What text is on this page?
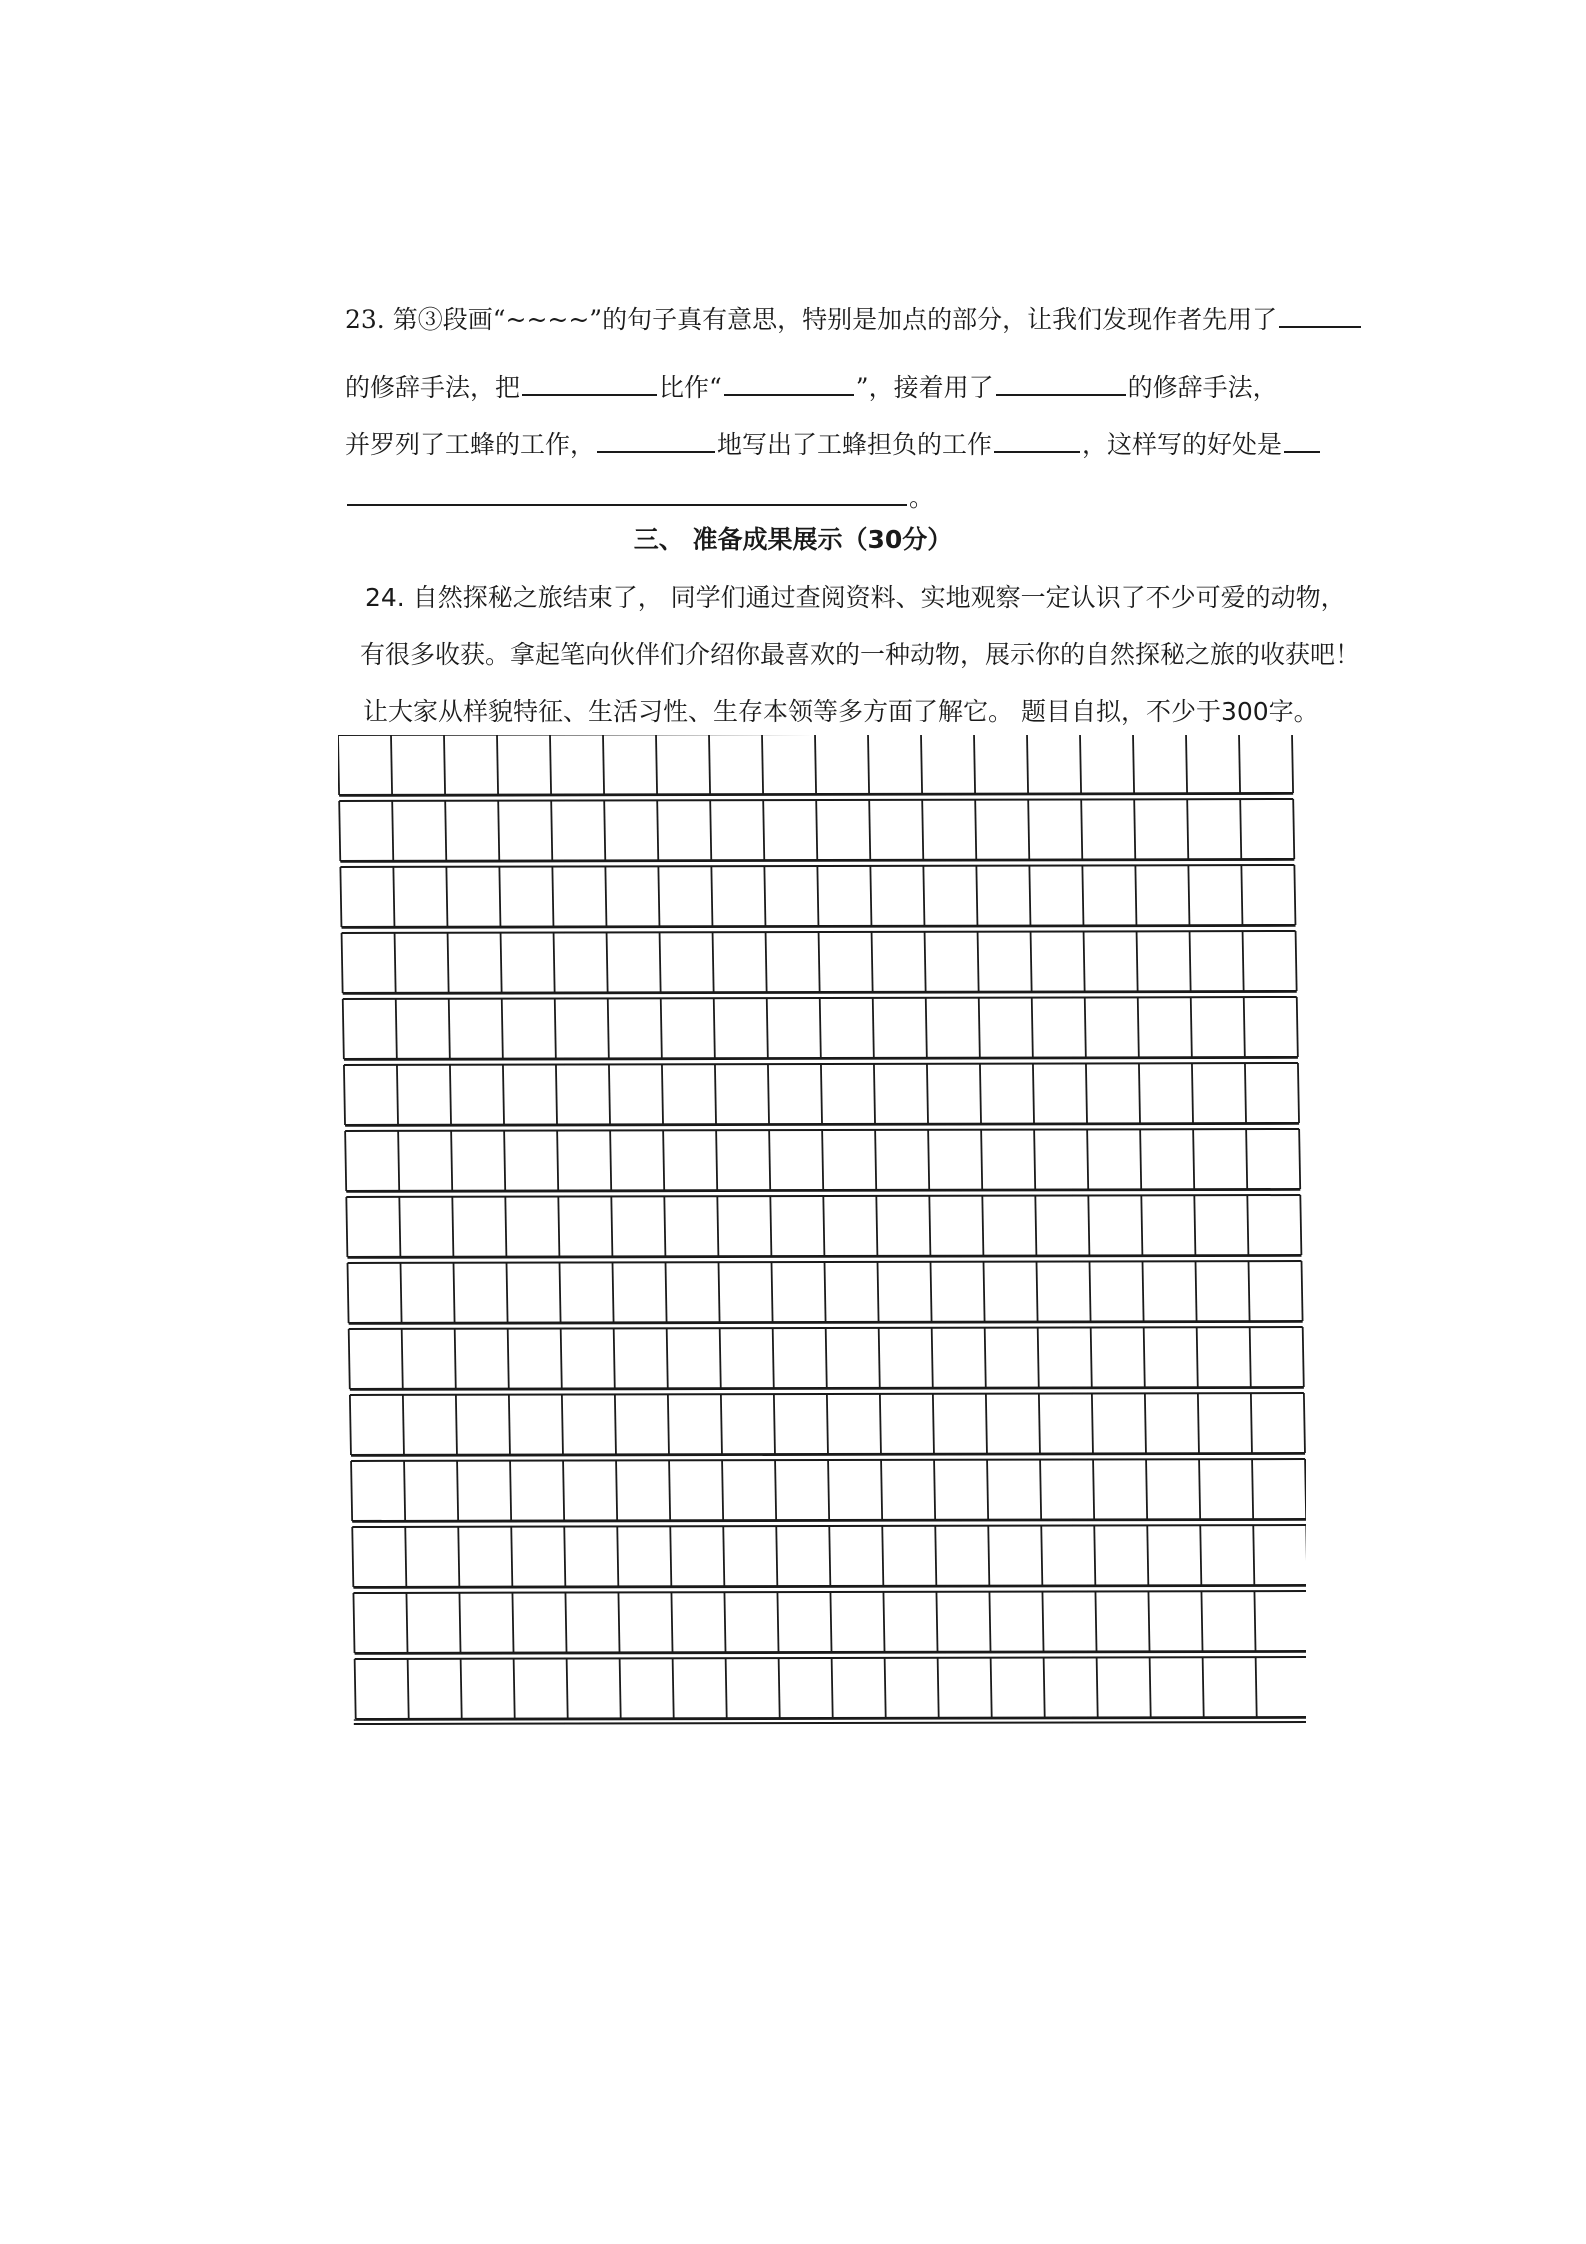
23. 第③段画“~~~~”的句子真有意思，特别是加点的部分，让我们发现作者先用了
的修辞手法，把	比作“	”，接着用了	的修辞手法，
并罗列了工蜂的工作，	地写出了工蜂担负的工作	，这样写的好处是
。
三、 准备成果展示（30分）
24. 自然探秘之旅结束了， 同学们通过查阅资料、实地观察一定认识了不少可爱的动物，
有很多收获。拿起笔向伙伴们介绍你最喜欢的一种动物，展示你的自然探秘之旅的收获吧！
让大家从样貌特征、生活习性、生存本领等多方面了解它。 题目自拟，不少于300字。
